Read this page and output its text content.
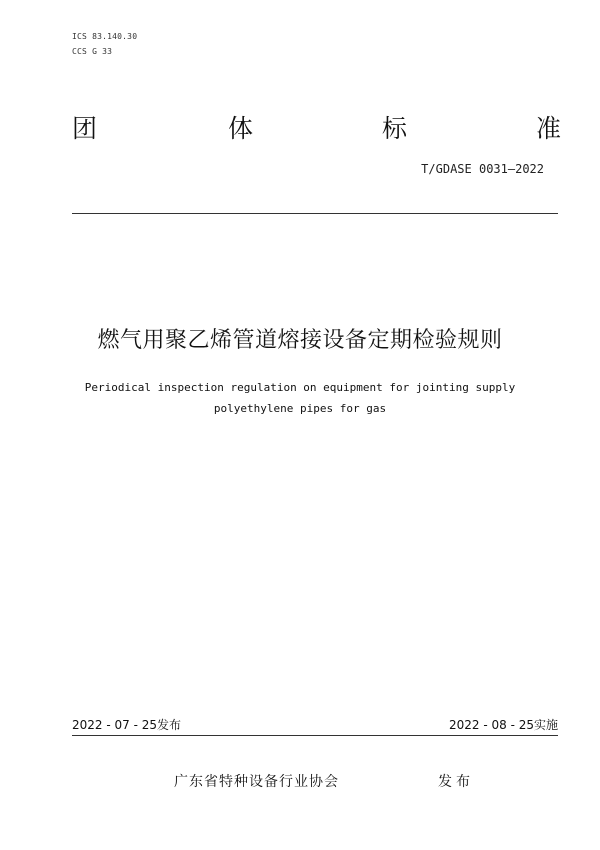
ICS 83.140.30
CCS G 33
团	体	标	准
T/GDASE 0031—2022
燃气用聚乙烯管道熔接设备定期检验规则
Periodical inspection regulation on equipment for jointing supply
polyethylene pipes for gas
2022 - 07 - 25发布	2022 - 08 - 25实施
广东省特种设备行业协会	发布
